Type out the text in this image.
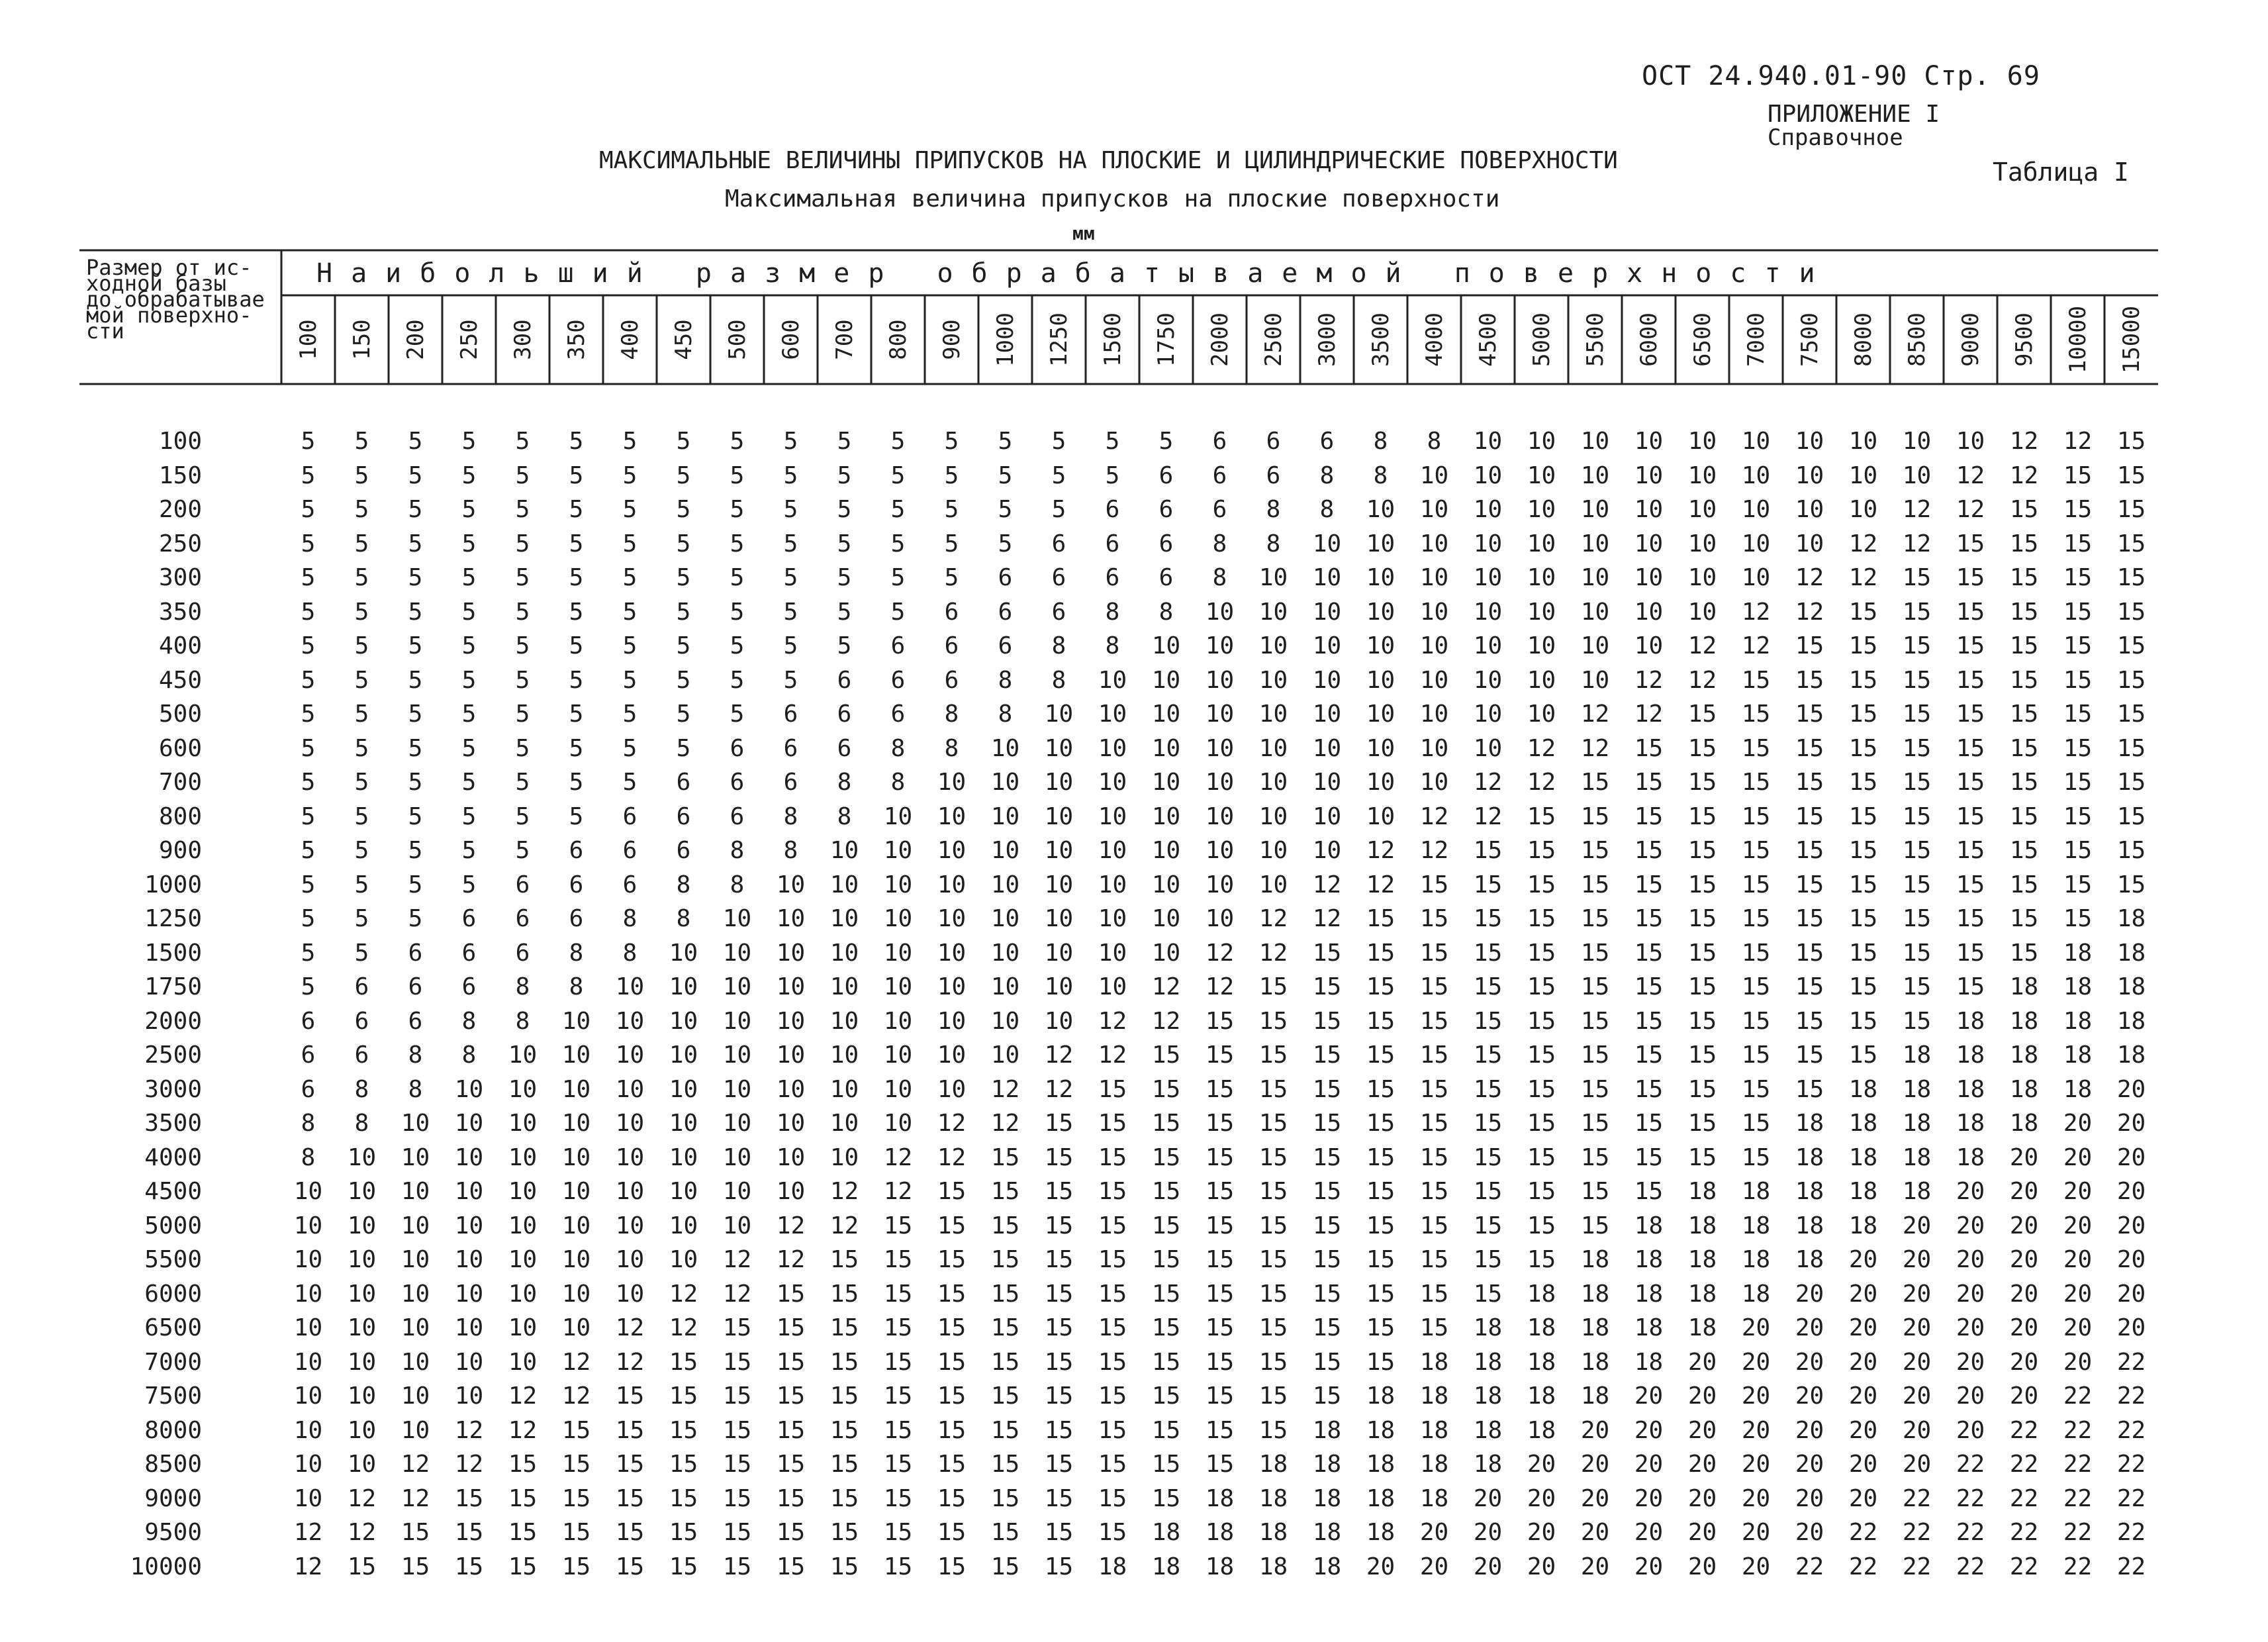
ОСТ 24.940.01-90 Стр. 69
ПРИЛОЖЕНИЕ I
Справочное
Таблица I
МАКСИМАЛЬНЫЕ ВЕЛИЧИНЫ ПРИПУСКОВ НА ПЛОСКИЕ И ЦИЛИНДРИЧЕСКИЕ ПОВЕРХНОСТИ
Максимальная величина припусков на плоские поверхности
мм
Размер от ис-
ходной базы
до обрабатывае
мой поверхно-
сти
Наибольший размер обрабатываемой поверхности
100 150 200 250 300 350 400 450 500 600 700 800 900 1000 1250 1500 1750 2000 2500 3000 3500 4000 4500 5000 5500 6000 6500 7000 7500 8000 8500 9000 9500 10000 15000
100	5 5 5 5 5 5 5 5 5 5 5 5 5 5 5 5 5 6 6 6 8 8 10 10 10 10 10 10 10 10 10 10 12 12 15
150	5 5 5 5 5 5 5 5 5 5 5 5 5 5 5 5 6 6 6 8 8 10 10 10 10 10 10 10 10 10 10 12 12 15 15
200	5 5 5 5 5 5 5 5 5 5 5 5 5 5 5 6 6 6 8 8 10 10 10 10 10 10 10 10 10 10 12 12 15 15 15
250	5 5 5 5 5 5 5 5 5 5 5 5 5 5 6 6 6 8 8 10 10 10 10 10 10 10 10 10 10 12 12 15 15 15 15
300	5 5 5 5 5 5 5 5 5 5 5 5 5 6 6 6 6 8 10 10 10 10 10 10 10 10 10 10 12 12 15 15 15 15 15
350	5 5 5 5 5 5 5 5 5 5 5 5 6 6 6 8 8 10 10 10 10 10 10 10 10 10 10 12 12 15 15 15 15 15 15
400	5 5 5 5 5 5 5 5 5 5 5 6 6 6 8 8 10 10 10 10 10 10 10 10 10 10 12 12 15 15 15 15 15 15 15
450	5 5 5 5 5 5 5 5 5 5 6 6 6 8 8 10 10 10 10 10 10 10 10 10 10 12 12 15 15 15 15 15 15 15 15
500	5 5 5 5 5 5 5 5 5 6 6 6 8 8 10 10 10 10 10 10 10 10 10 10 12 12 15 15 15 15 15 15 15 15 15
600	5 5 5 5 5 5 5 5 6 6 6 8 8 10 10 10 10 10 10 10 10 10 10 12 12 15 15 15 15 15 15 15 15 15 15
700	5 5 5 5 5 5 5 6 6 6 8 8 10 10 10 10 10 10 10 10 10 10 12 12 15 15 15 15 15 15 15 15 15 15 15
800	5 5 5 5 5 5 6 6 6 8 8 10 10 10 10 10 10 10 10 10 10 12 12 15 15 15 15 15 15 15 15 15 15 15 15
900	5 5 5 5 5 6 6 6 8 8 10 10 10 10 10 10 10 10 10 10 12 12 15 15 15 15 15 15 15 15 15 15 15 15 15
1000	5 5 5 5 6 6 6 8 8 10 10 10 10 10 10 10 10 10 10 12 12 15 15 15 15 15 15 15 15 15 15 15 15 15 15
1250	5 5 5 6 6 6 8 8 10 10 10 10 10 10 10 10 10 10 12 12 15 15 15 15 15 15 15 15 15 15 15 15 15 15 18
1500	5 5 6 6 6 8 8 10 10 10 10 10 10 10 10 10 10 12 12 15 15 15 15 15 15 15 15 15 15 15 15 15 15 18 18
1750	5 6 6 6 8 8 10 10 10 10 10 10 10 10 10 10 12 12 15 15 15 15 15 15 15 15 15 15 15 15 15 15 18 18 18
2000	6 6 6 8 8 10 10 10 10 10 10 10 10 10 10 12 12 15 15 15 15 15 15 15 15 15 15 15 15 15 15 18 18 18 18
2500	6 6 8 8 10 10 10 10 10 10 10 10 10 10 12 12 15 15 15 15 15 15 15 15 15 15 15 15 15 15 18 18 18 18 18
3000	6 8 8 10 10 10 10 10 10 10 10 10 10 12 12 15 15 15 15 15 15 15 15 15 15 15 15 15 15 18 18 18 18 18 20
3500	8 8 10 10 10 10 10 10 10 10 10 10 12 12 15 15 15 15 15 15 15 15 15 15 15 15 15 15 18 18 18 18 18 20 20
4000	8 10 10 10 10 10 10 10 10 10 10 12 12 15 15 15 15 15 15 15 15 15 15 15 15 15 15 15 18 18 18 18 20 20 20
4500	10 10 10 10 10 10 10 10 10 10 12 12 15 15 15 15 15 15 15 15 15 15 15 15 15 15 18 18 18 18 18 20 20 20 20
5000	10 10 10 10 10 10 10 10 10 12 12 15 15 15 15 15 15 15 15 15 15 15 15 15 15 18 18 18 18 18 20 20 20 20 20
5500	10 10 10 10 10 10 10 10 12 12 15 15 15 15 15 15 15 15 15 15 15 15 15 15 18 18 18 18 18 20 20 20 20 20 20
6000	10 10 10 10 10 10 10 12 12 15 15 15 15 15 15 15 15 15 15 15 15 15 15 18 18 18 18 18 20 20 20 20 20 20 20
6500	10 10 10 10 10 10 12 12 15 15 15 15 15 15 15 15 15 15 15 15 15 15 18 18 18 18 18 20 20 20 20 20 20 20 20
7000	10 10 10 10 10 12 12 15 15 15 15 15 15 15 15 15 15 15 15 15 15 18 18 18 18 18 20 20 20 20 20 20 20 20 22
7500	10 10 10 10 12 12 15 15 15 15 15 15 15 15 15 15 15 15 15 15 18 18 18 18 18 20 20 20 20 20 20 20 20 22 22
8000	10 10 10 12 12 15 15 15 15 15 15 15 15 15 15 15 15 15 15 18 18 18 18 18 20 20 20 20 20 20 20 20 22 22 22
8500	10 10 12 12 15 15 15 15 15 15 15 15 15 15 15 15 15 15 18 18 18 18 18 20 20 20 20 20 20 20 20 22 22 22 22
9000	10 12 12 15 15 15 15 15 15 15 15 15 15 15 15 15 15 18 18 18 18 18 20 20 20 20 20 20 20 20 22 22 22 22 22
9500	12 12 15 15 15 15 15 15 15 15 15 15 15 15 15 15 18 18 18 18 18 20 20 20 20 20 20 20 20 22 22 22 22 22 22
10000	12 15 15 15 15 15 15 15 15 15 15 15 15 15 15 18 18 18 18 18 20 20 20 20 20 20 20 20 22 22 22 22 22 22 22
